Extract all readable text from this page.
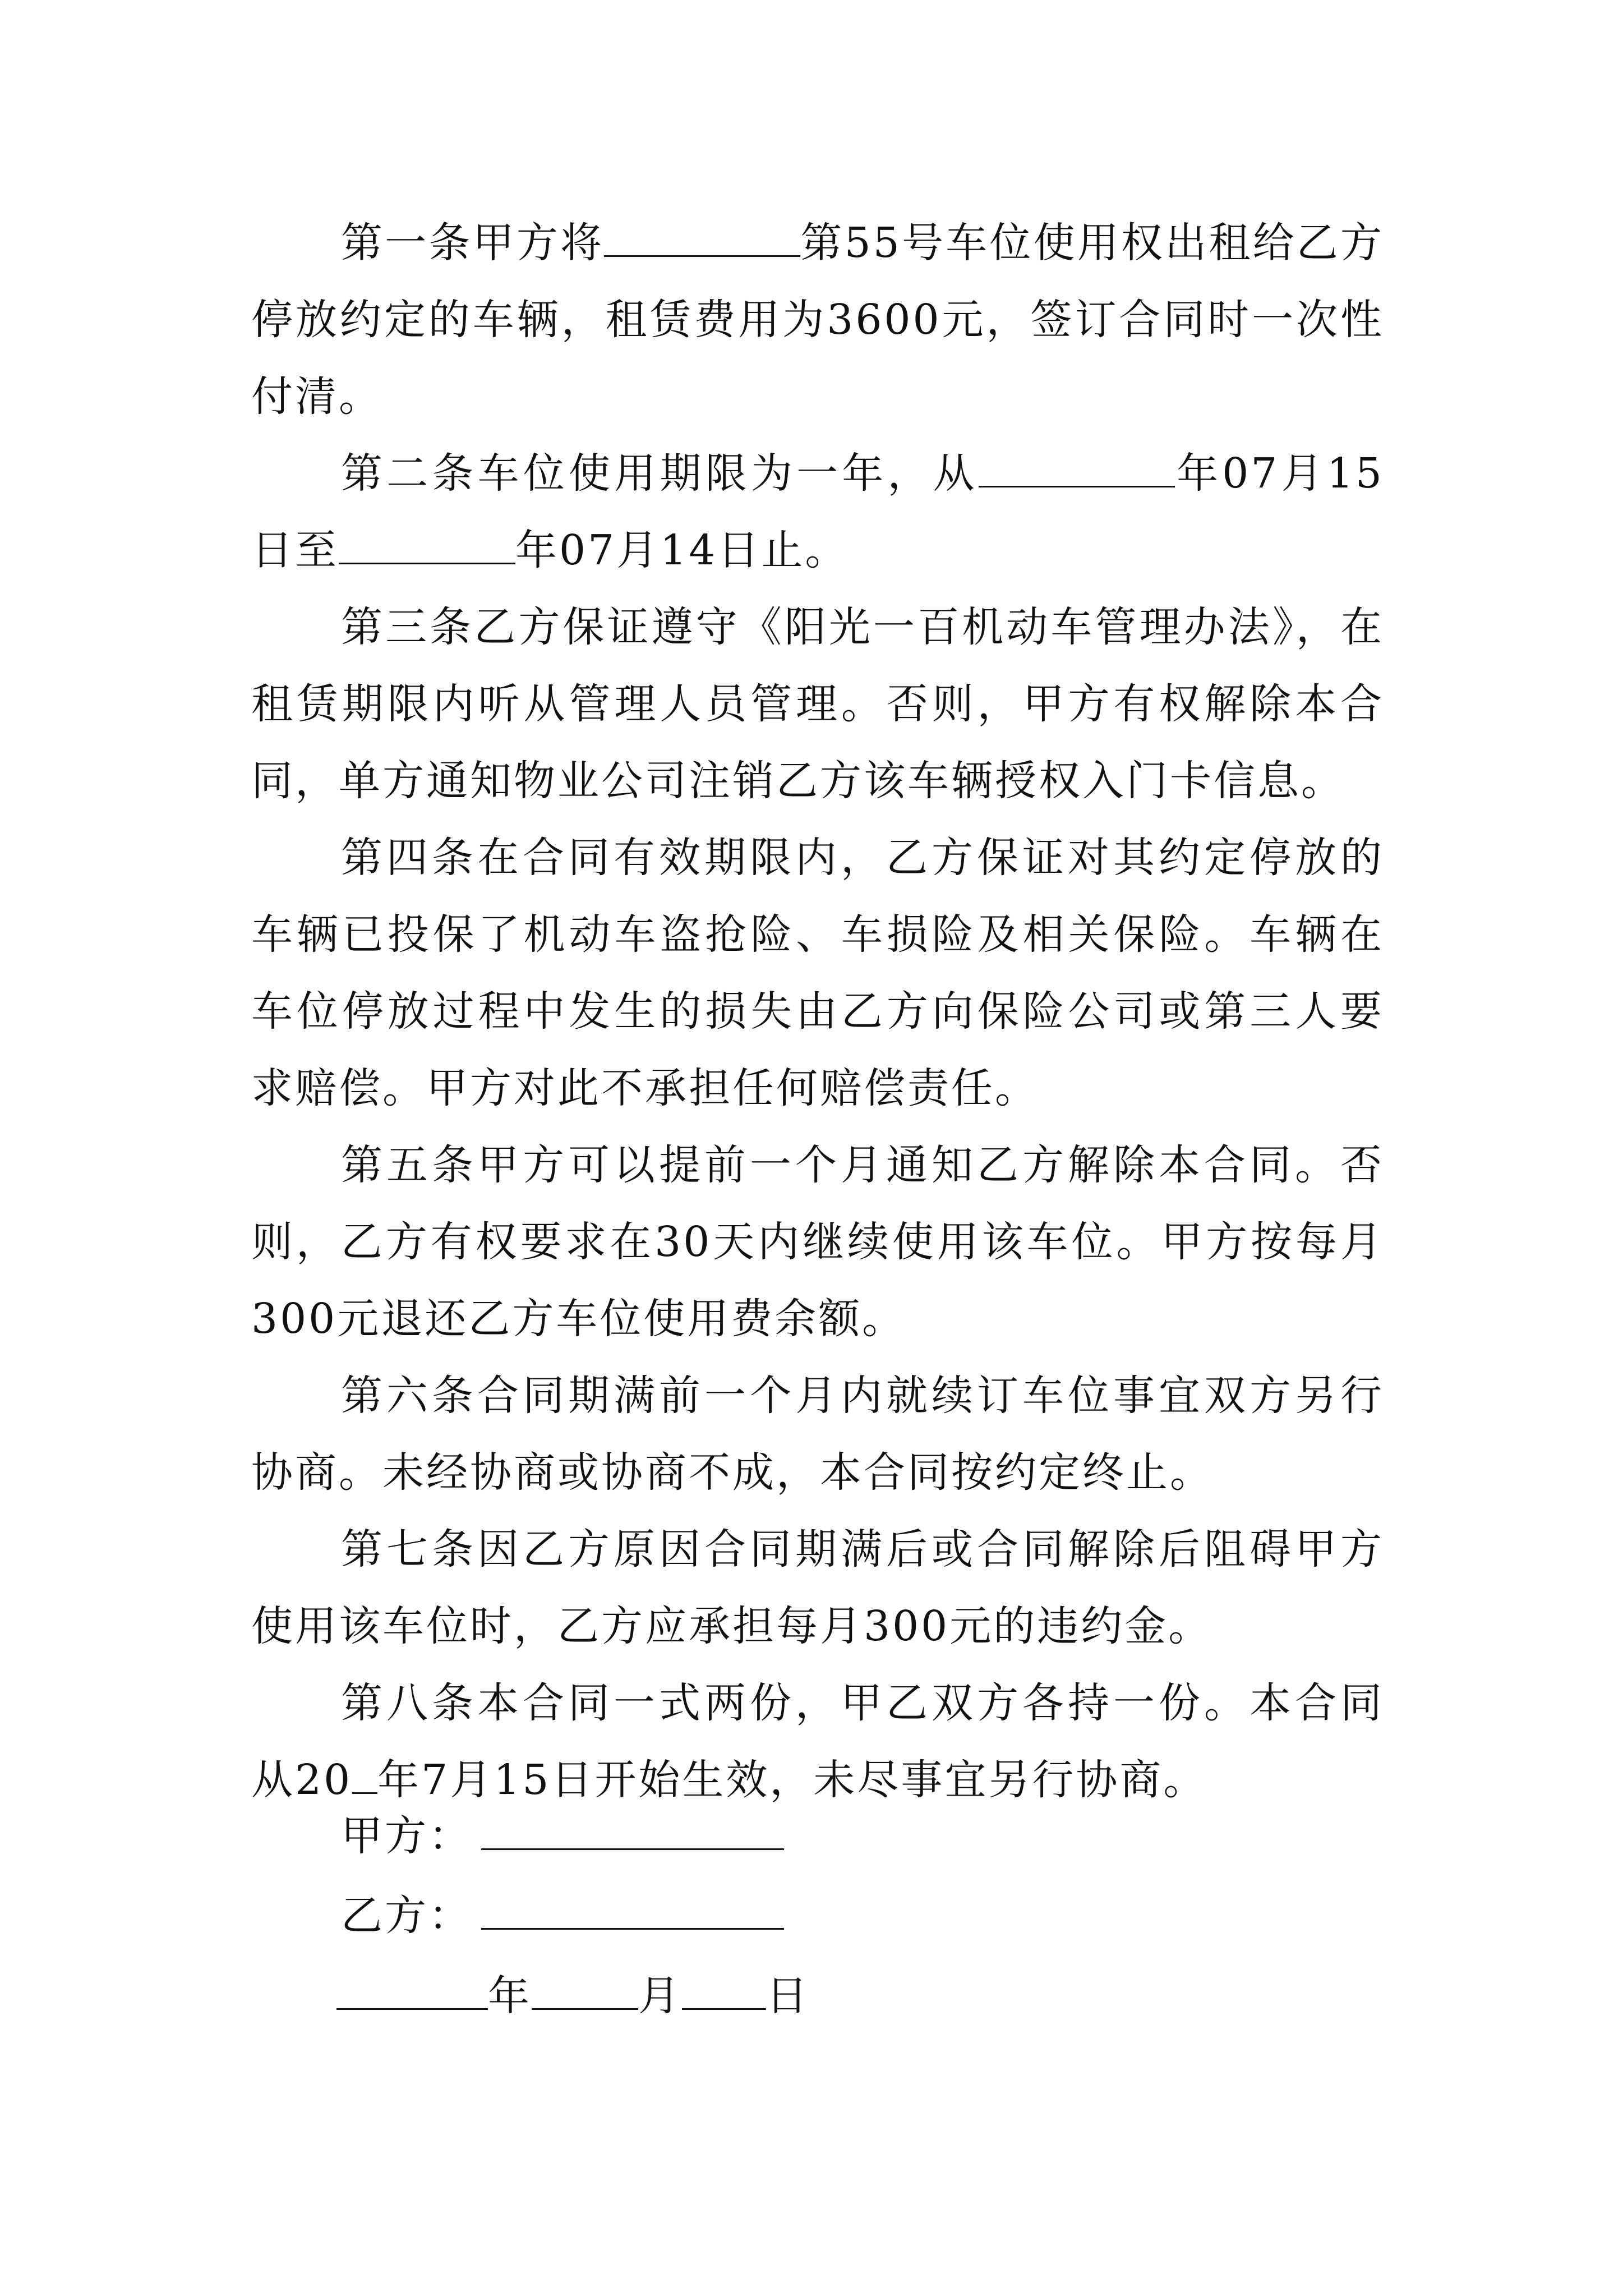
第一条甲方将	第55号车位使用权出租给乙方停放约定的车辆，租赁费用为3600元，签订合同时一次性付清。

第二条车位使用期限为一年，从	年07月15日至	年07月14日止。

第三条乙方保证遵守《阳光一百机动车管理办法》，在租赁期限内听从管理人员管理。否则，甲方有权解除本合同，单方通知物业公司注销乙方该车辆授权入门卡信息。

第四条在合同有效期限内，乙方保证对其约定停放的车辆已投保了机动车盗抢险、车损险及相关保险。车辆在车位停放过程中发生的损失由乙方向保险公司或第三人要求赔偿。甲方对此不承担任何赔偿责任。

第五条甲方可以提前一个月通知乙方解除本合同。否则，乙方有权要求在30天内继续使用该车位。甲方按每月300元退还乙方车位使用费余额。

第六条合同期满前一个月内就续订车位事宜双方另行协商。未经协商或协商不成，本合同按约定终止。

第七条因乙方原因合同期满后或合同解除后阻碍甲方使用该车位时，乙方应承担每月300元的违约金。

第八条本合同一式两份，甲乙双方各持一份。本合同从20 年7月15日开始生效，未尽事宜另行协商。

甲方：
乙方：
年	月 日
